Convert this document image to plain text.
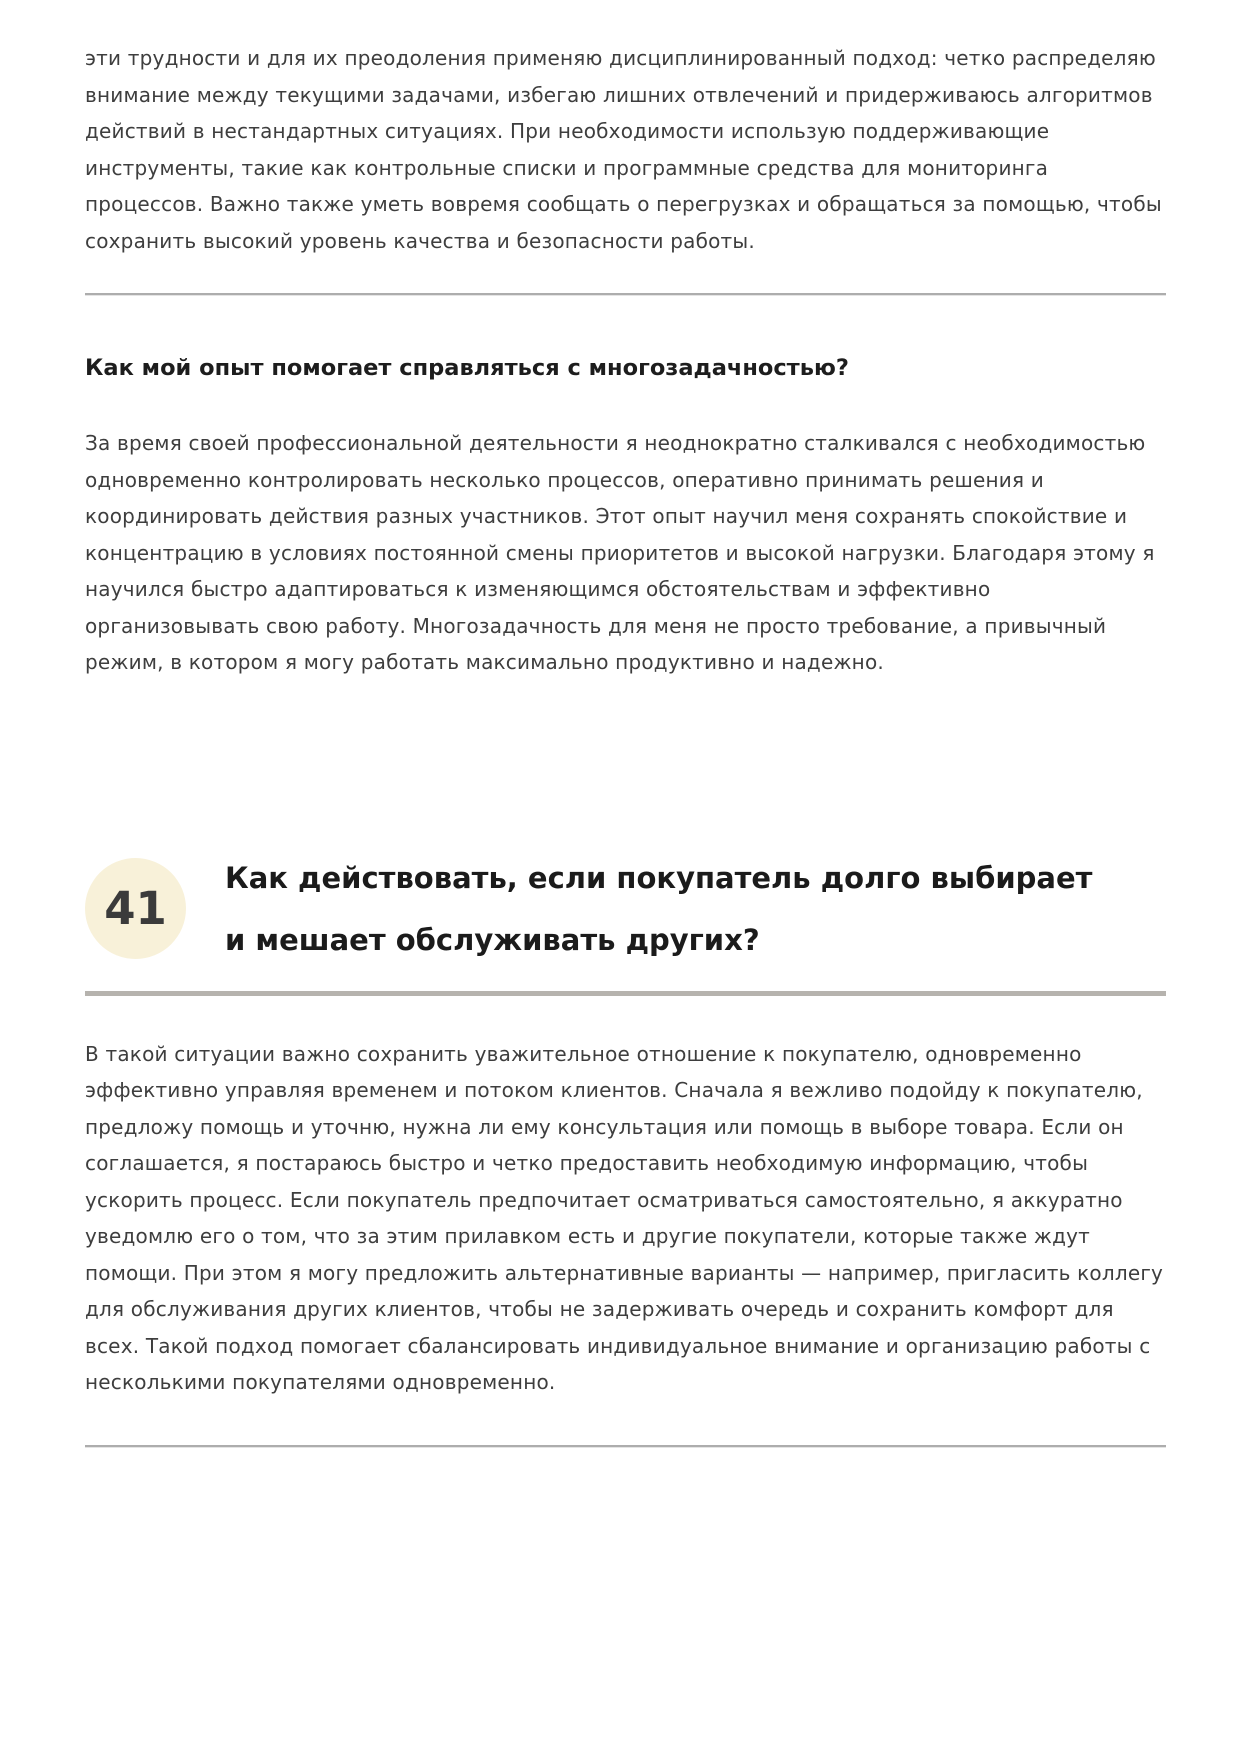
эти трудности и для их преодоления применяю дисциплинированный подход: четко распределяю внимание между текущими задачами, избегаю лишних отвлечений и придерживаюсь алгоритмов действий в нестандартных ситуациях. При необходимости использую поддерживающие инструменты, такие как контрольные списки и программные средства для мониторинга процессов. Важно также уметь вовремя сообщать о перегрузках и обращаться за помощью, чтобы сохранить высокий уровень качества и безопасности работы.

Как мой опыт помогает справляться с многозадачностью?

За время своей профессиональной деятельности я неоднократно сталкивался с необходимостью одновременно контролировать несколько процессов, оперативно принимать решения и координировать действия разных участников. Этот опыт научил меня сохранять спокойствие и концентрацию в условиях постоянной смены приоритетов и высокой нагрузки. Благодаря этому я научился быстро адаптироваться к изменяющимся обстоятельствам и эффективно организовывать свою работу. Многозадачность для меня не просто требование, а привычный режим, в котором я могу работать максимально продуктивно и надежно.

41
Как действовать, если покупатель долго выбирает
и мешает обслуживать других?

В такой ситуации важно сохранить уважительное отношение к покупателю, одновременно эффективно управляя временем и потоком клиентов. Сначала я вежливо подойду к покупателю, предложу помощь и уточню, нужна ли ему консультация или помощь в выборе товара. Если он соглашается, я постараюсь быстро и четко предоставить необходимую информацию, чтобы ускорить процесс. Если покупатель предпочитает осматриваться самостоятельно, я аккуратно уведомлю его о том, что за этим прилавком есть и другие покупатели, которые также ждут помощи. При этом я могу предложить альтернативные варианты — например, пригласить коллегу для обслуживания других клиентов, чтобы не задерживать очередь и сохранить комфорт для всех. Такой подход помогает сбалансировать индивидуальное внимание и организацию работы с несколькими покупателями одновременно.
